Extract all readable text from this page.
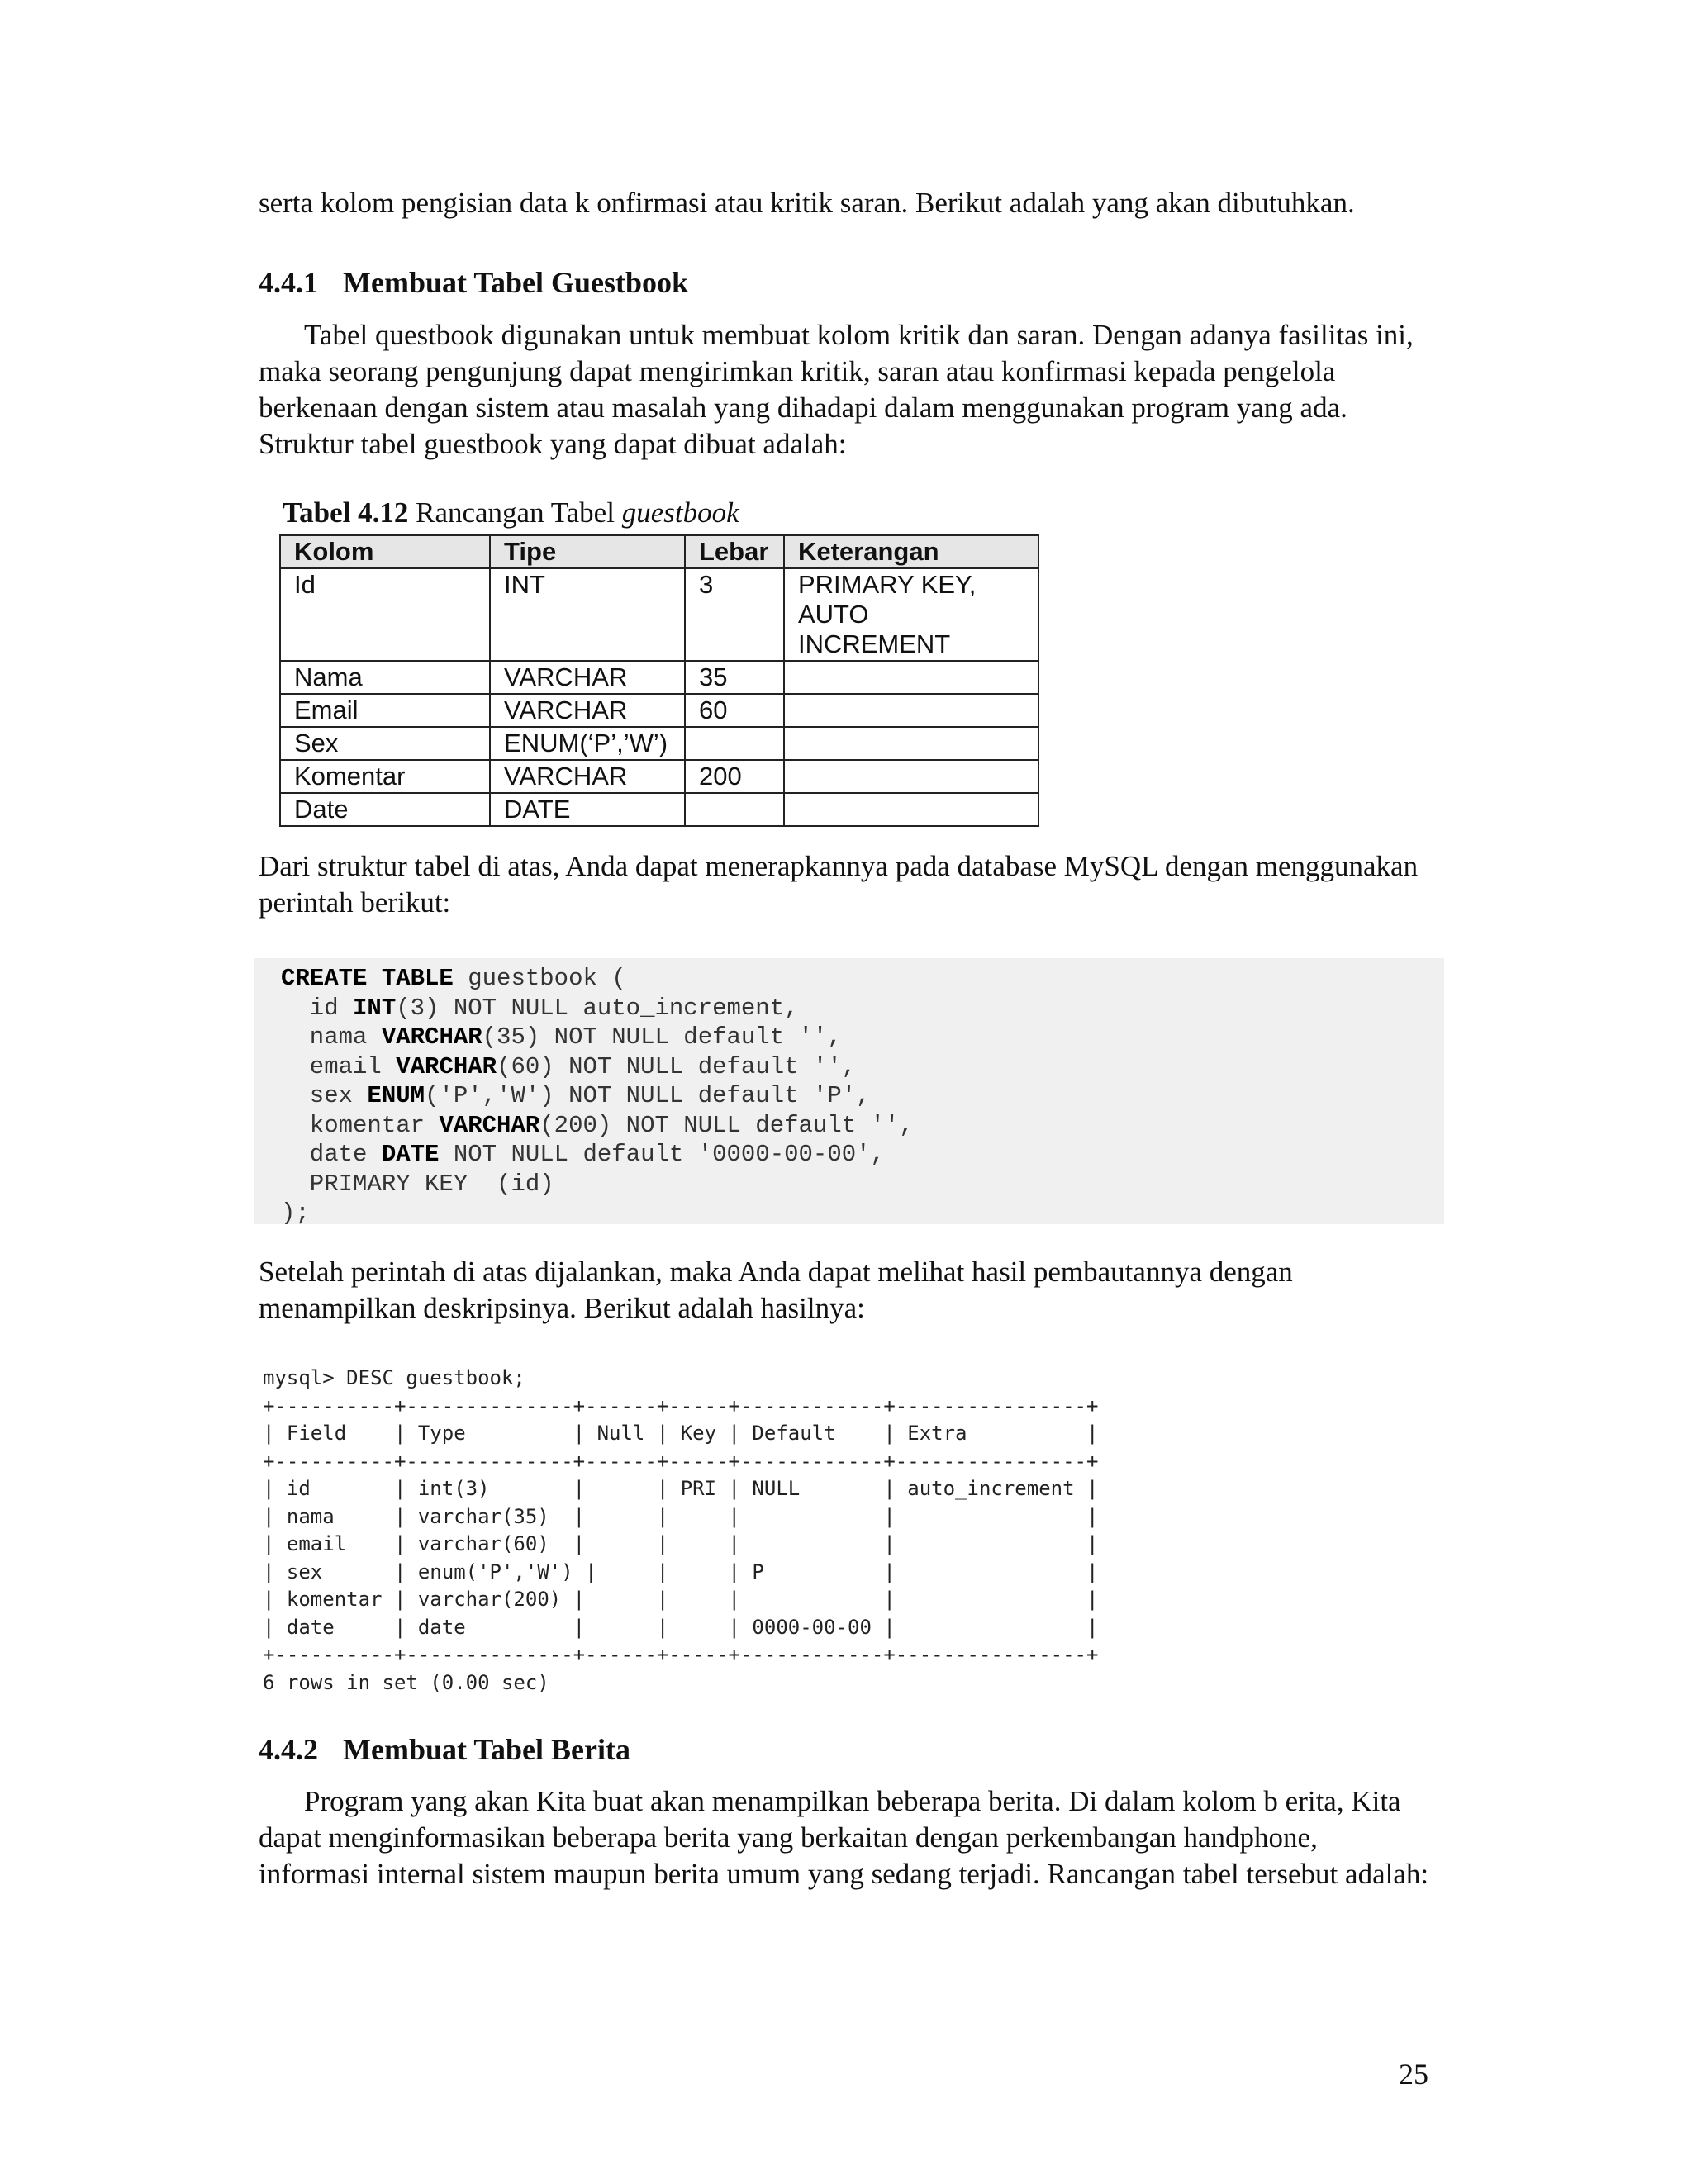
serta kolom pengisian data k onfirmasi atau kritik saran. Berikut adalah yang akan dibutuhkan.

4.4.1 Membuat Tabel Guestbook

Tabel questbook digunakan untuk membuat kolom kritik dan saran. Dengan adanya fasilitas ini, maka seorang pengunjung dapat mengirimkan kritik, saran atau konfirmasi kepada pengelola berkenaan dengan sistem atau masalah yang dihadapi dalam menggunakan program yang ada. Struktur tabel guestbook yang dapat dibuat adalah:

Tabel 4.12 Rancangan Tabel guestbook

Kolom	Tipe	Lebar	Keterangan
Id	INT	3	PRIMARY KEY, AUTO INCREMENT
Nama	VARCHAR	35	
Email	VARCHAR	60	
Sex	ENUM(‘P’,’W’)		
Komentar	VARCHAR	200	
Date	DATE		

Dari struktur tabel di atas, Anda dapat menerapkannya pada database MySQL dengan menggunakan perintah berikut:

CREATE TABLE guestbook (
id INT(3) NOT NULL auto_increment,
nama VARCHAR(35) NOT NULL default '',
email VARCHAR(60) NOT NULL default '',
sex ENUM('P','W') NOT NULL default 'P',
komentar VARCHAR(200) NOT NULL default '',
date DATE NOT NULL default '0000-00-00',
PRIMARY KEY  (id)
);

Setelah perintah di atas dijalankan, maka Anda dapat melihat hasil pembautannya dengan menampilkan deskripsinya. Berikut adalah hasilnya:

mysql> DESC guestbook;
+----------+--------------+------+-----+------------+----------------+
| Field    | Type         | Null | Key | Default    | Extra          |
+----------+--------------+------+-----+------------+----------------+
| id       | int(3)       |      | PRI | NULL       | auto_increment |
| nama     | varchar(35)  |      |     |            |                |
| email    | varchar(60)  |      |     |            |                |
| sex      | enum('P','W') |     |     | P          |                |
| komentar | varchar(200) |      |     |            |                |
| date     | date         |      |     | 0000-00-00 |                |
+----------+--------------+------+-----+------------+----------------+
6 rows in set (0.00 sec)
4.4.2 Membuat Tabel Berita

Program yang akan Kita buat akan menampilkan beberapa berita. Di dalam kolom b erita, Kita dapat menginformasikan beberapa berita yang berkaitan dengan perkembangan handphone, informasi internal sistem maupun berita umum yang sedang terjadi. Rancangan tabel tersebut adalah:

25
